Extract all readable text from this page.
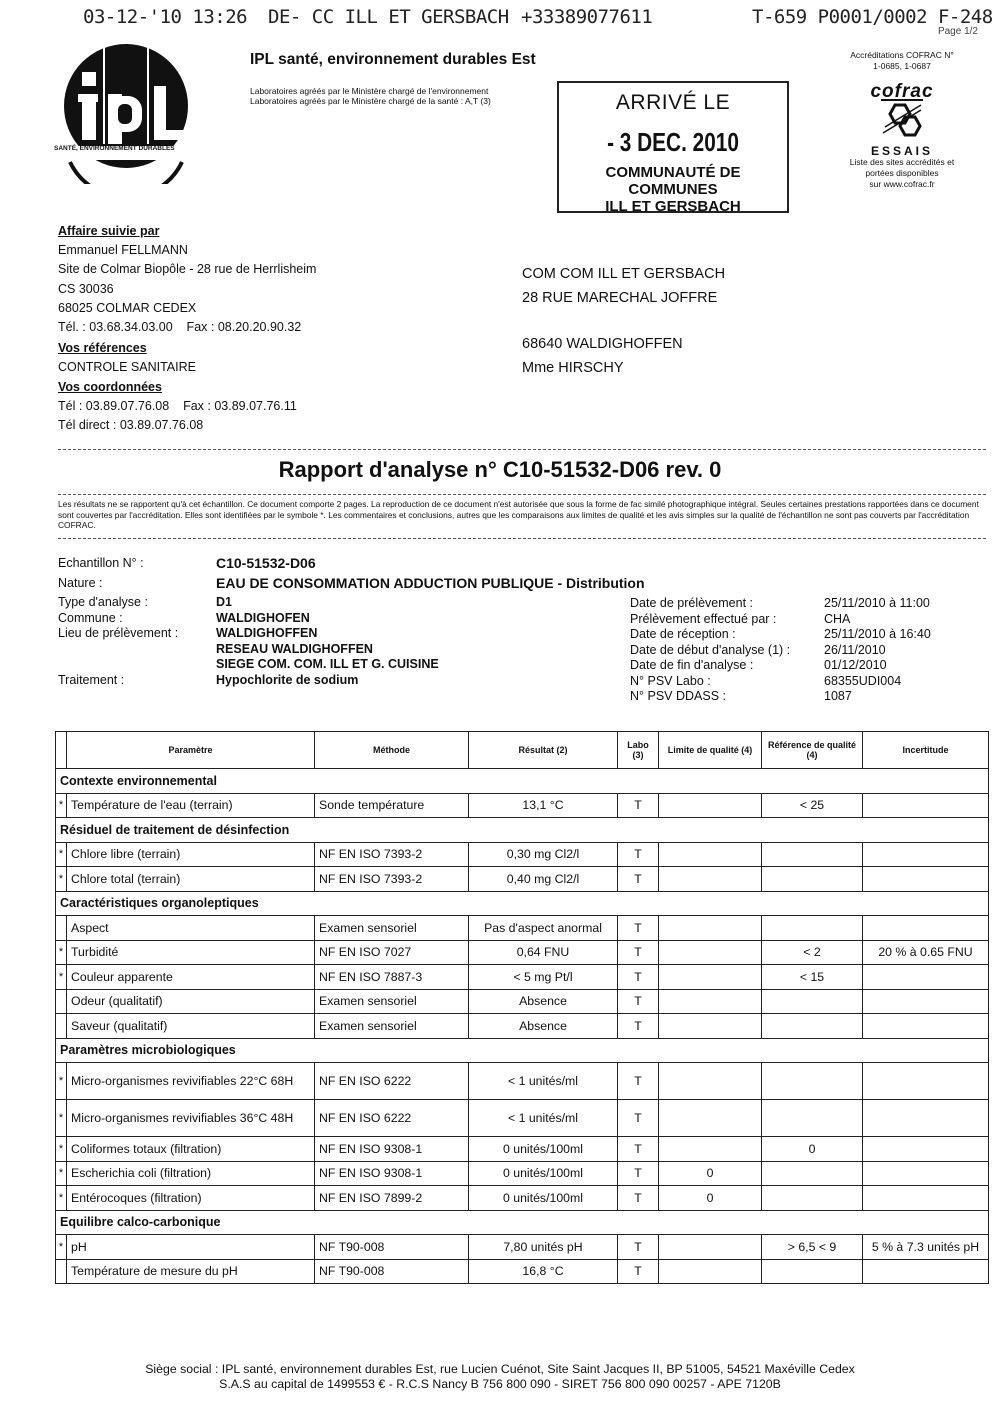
03-12-'10 13:26 DE- CC ILL ET GERSBACH +33389077611	T-659 P0001/0002 F-248
Page 1/2
SANTÉ, ENVIRONNEMENT DURABLES
IPL santé, environnement durables Est
Laboratoires agréés par le Ministère chargé de l'environnement
Laboratoires agréés par le Ministère chargé de la santé : A,T (3)	ARRIVÉ LE
- 3 DEC. 2010
COMMUNAUTÉ DE COMMUNES
ILL ET GERSBACH
Accréditations COFRAC N°
1-0685, 1-0687
cofrac
ESSAIS
Liste des sites accrédités et
portées disponibles
sur www.cofrac.fr
Affaire suivie par
Emmanuel FELLMANN
Site de Colmar Biopôle - 28 rue de Herrlisheim
CS 30036
68025 COLMAR CEDEX
Tél. : 03.68.34.03.00    Fax : 08.20.20.90.32
Vos références
CONTROLE SANITAIRE
Vos coordonnées
Tél : 03.89.07.76.08    Fax : 03.89.07.76.11
Tél direct : 03.89.07.76.08
COM COM ILL ET GERSBACH
28 RUE MARECHAL JOFFRE
68640 WALDIGHOFFEN
Mme HIRSCHY
Rapport d'analyse n° C10-51532-D06 rev. 0
Les résultats ne se rapportent qu'à cet échantillon. Ce document comporte 2 pages. La reproduction de ce document n'est autorisée que sous la forme de fac similé photographique intégral. Seules certaines prestations rapportées dans ce document sont couvertes par l'accréditation. Elles sont identifiées par le symbole *. Les commentaires et conclusions, autres que les comparaisons aux limites de qualité et les avis simples sur la qualité de l'échantillon ne sont pas couverts par l'accréditation COFRAC.
Echantillon N° :	C10-51532-D06
Nature :	EAU DE CONSOMMATION ADDUCTION PUBLIQUE - Distribution
Type d'analyse :	D1
Commune :	WALDIGHOFEN
Lieu de prélèvement :	WALDIGHOFFEN
RESEAU WALDIGHOFFEN
SIEGE COM. COM. ILL ET G. CUISINE
Traitement :	Hypochlorite de sodium
Date de prélèvement :	25/11/2010 à 11:00
Prélèvement effectué par :	CHA
Date de réception :	25/11/2010 à 16:40
Date de début d'analyse (1) :	26/11/2010
Date de fin d'analyse :	01/12/2010
N° PSV Labo :	68355UDI004
N° PSV DDASS :	1087
	Paramètre	Méthode	Résultat (2)	Labo (3)	Limite de qualité (4)	Référence de qualité (4)	Incertitude
Contexte environnemental							
*	Température de l'eau (terrain)	Sonde température	13,1 °C	T		< 25	
Résiduel de traitement de désinfection							
*	Chlore libre (terrain)	NF EN ISO 7393-2	0,30 mg Cl2/l	T			
*	Chlore total (terrain)	NF EN ISO 7393-2	0,40 mg Cl2/l	T			
Caractéristiques organoleptiques							
	Aspect	Examen sensoriel	Pas d'aspect anormal	T			
*	Turbidité	NF EN ISO 7027	0,64 FNU	T		< 2	20 % à 0.65 FNU
*	Couleur apparente	NF EN ISO 7887-3	< 5 mg Pt/l	T		< 15	
	Odeur (qualitatif)	Examen sensoriel	Absence	T			
	Saveur (qualitatif)	Examen sensoriel	Absence	T			
Paramètres microbiologiques							
*	Micro-organismes revivifiables 22°C 68H	NF EN ISO 6222	< 1 unités/ml	T			
*	Micro-organismes revivifiables 36°C 48H	NF EN ISO 6222	< 1 unités/ml	T			
*	Coliformes totaux (filtration)	NF EN ISO 9308-1	0 unités/100ml	T		0	
*	Escherichia coli (filtration)	NF EN ISO 9308-1	0 unités/100ml	T	0		
*	Entérocoques (filtration)	NF EN ISO 7899-2	0 unités/100ml	T	0		
Equilibre calco-carbonique							
*	pH	NF T90-008	7,80 unités pH	T		> 6,5 < 9	5 % à 7.3 unités pH
	Température de mesure du pH	NF T90-008	16,8 °C	T			
Siège social : IPL santé, environnement durables Est, rue Lucien Cuénot, Site Saint Jacques II, BP 51005, 54521 Maxéville Cedex
S.A.S au capital de 1499553 € - R.C.S Nancy B 756 800 090 - SIRET 756 800 090 00257 - APE 7120B
